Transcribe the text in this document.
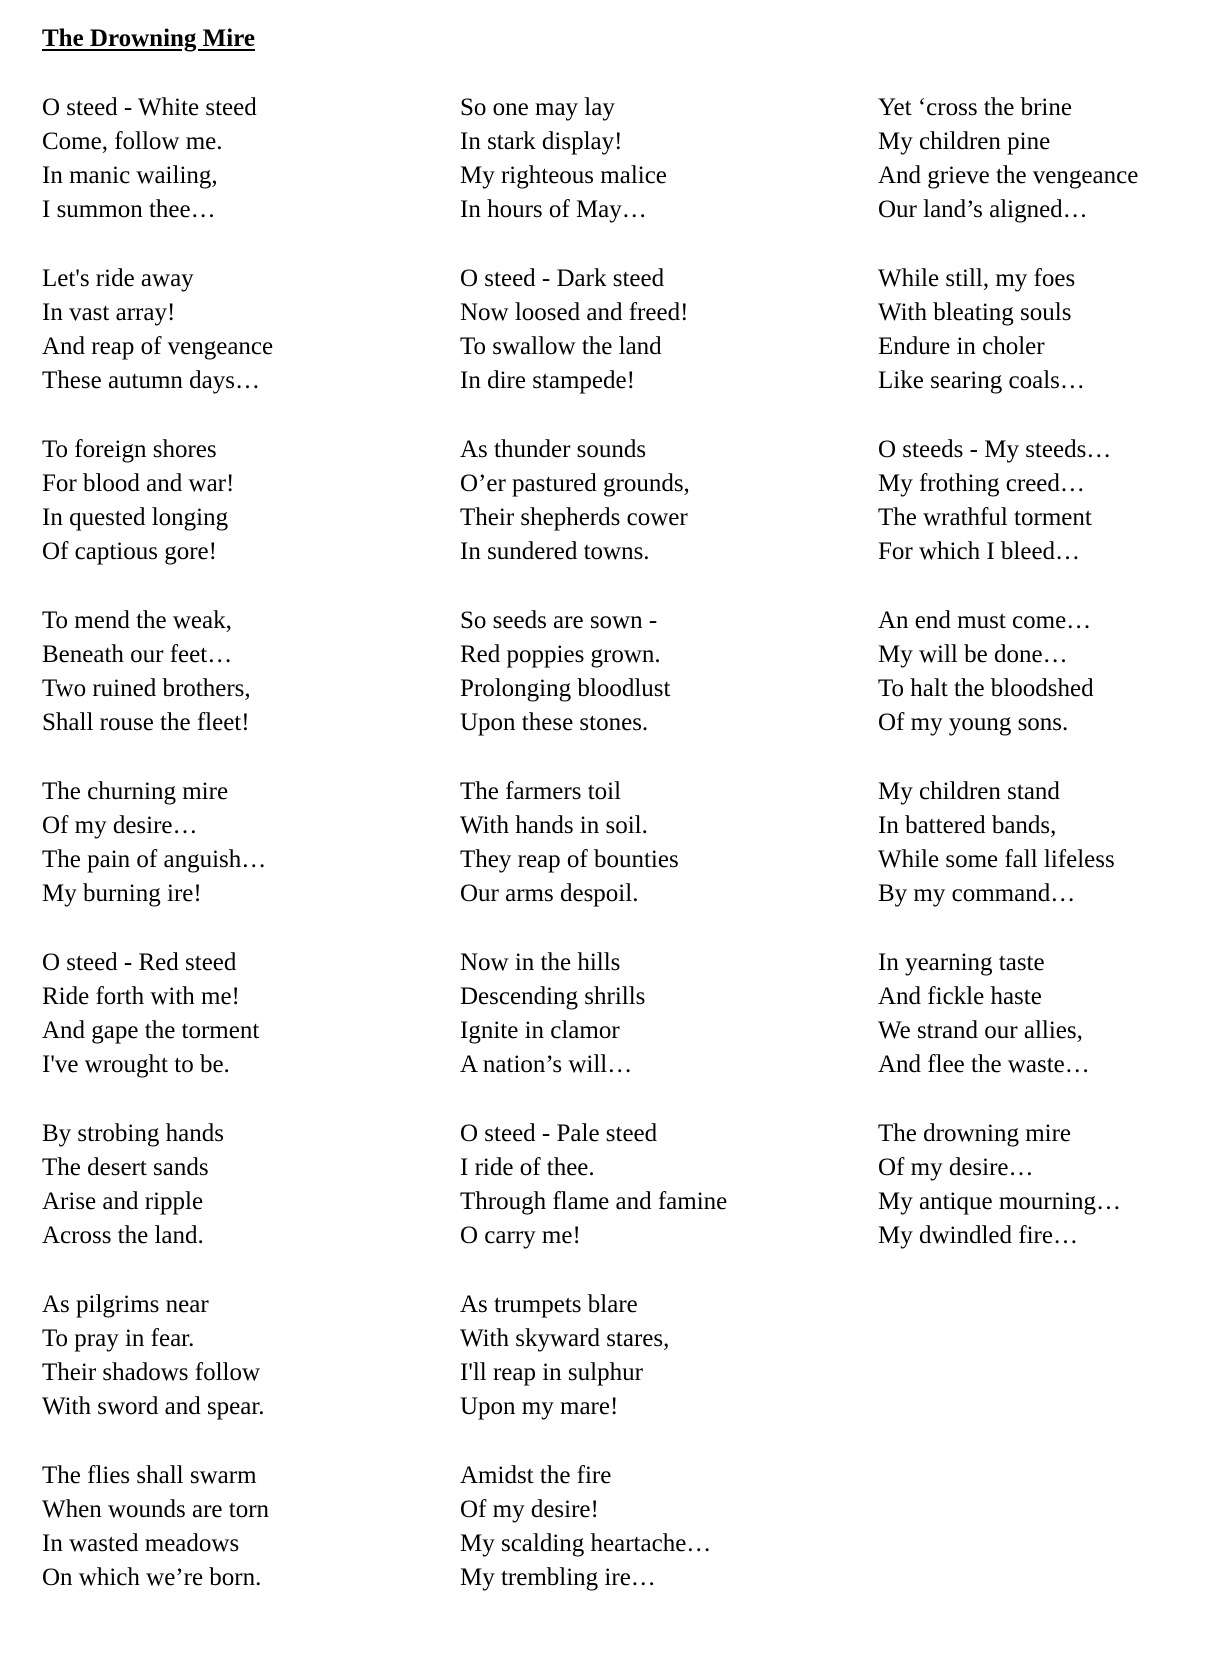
The Drowning Mire
O steed - White steed
Come, follow me.
In manic wailing,
I summon thee…
Let's ride away
In vast array!
And reap of vengeance
These autumn days…
To foreign shores
For blood and war!
In quested longing
Of captious gore!
To mend the weak,
Beneath our feet…
Two ruined brothers,
Shall rouse the fleet!
The churning mire
Of my desire…
The pain of anguish…
My burning ire!
O steed - Red steed
Ride forth with me!
And gape the torment
I've wrought to be.
By strobing hands
The desert sands
Arise and ripple
Across the land.
As pilgrims near
To pray in fear.
Their shadows follow
With sword and spear.
The flies shall swarm
When wounds are torn
In wasted meadows
On which we’re born.
So one may lay
In stark display!
My righteous malice
In hours of May…
O steed - Dark steed
Now loosed and freed!
To swallow the land
In dire stampede!
As thunder sounds
O’er pastured grounds,
Their shepherds cower
In sundered towns.
So seeds are sown -
Red poppies grown.
Prolonging bloodlust
Upon these stones.
The farmers toil
With hands in soil.
They reap of bounties
Our arms despoil.
Now in the hills
Descending shrills
Ignite in clamor
A nation’s will…
O steed - Pale steed
I ride of thee.
Through flame and famine
O carry me!
As trumpets blare
With skyward stares,
I'll reap in sulphur
Upon my mare!
Amidst the fire
Of my desire!
My scalding heartache…
My trembling ire…
Yet ‘cross the brine
My children pine
And grieve the vengeance
Our land’s aligned…
While still, my foes
With bleating souls
Endure in choler
Like searing coals…
O steeds - My steeds…
My frothing creed…
The wrathful torment
For which I bleed…
An end must come…
My will be done…
To halt the bloodshed
Of my young sons.
My children stand
In battered bands,
While some fall lifeless
By my command…
In yearning taste
And fickle haste
We strand our allies,
And flee the waste…
The drowning mire
Of my desire…
My antique mourning…
My dwindled fire…
